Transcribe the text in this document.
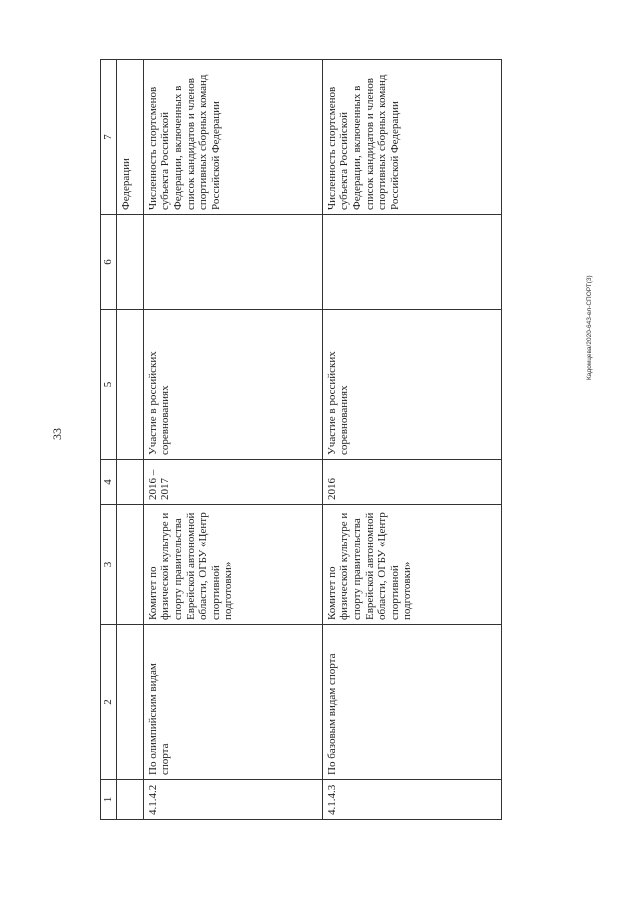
33
Кадомцева/2020-643-ел-СПОРТ(3)
1	2	3	4	5	6	7
						Федерации
4.1.4.2	По олимпийским видам спорта	Комитет по физической культуре и спорту правительства Еврейской автономной области, ОГБУ «Центр спортивной подготовки»	2016 – 2017	Участие в российских соревнованиях		Численность спортсменов субъекта Российской Федерации, включенных в список кандидатов и членов спортивных сборных команд Российской Федерации
4.1.4.3	По базовым видам спорта	Комитет по физической культуре и спорту правительства Еврейской автономной области, ОГБУ «Центр спортивной подготовки»	2016	Участие в российских соревнованиях		Численность спортсменов субъекта Российской Федерации, включенных в список кандидатов и членов спортивных сборных команд Российской Федерации
